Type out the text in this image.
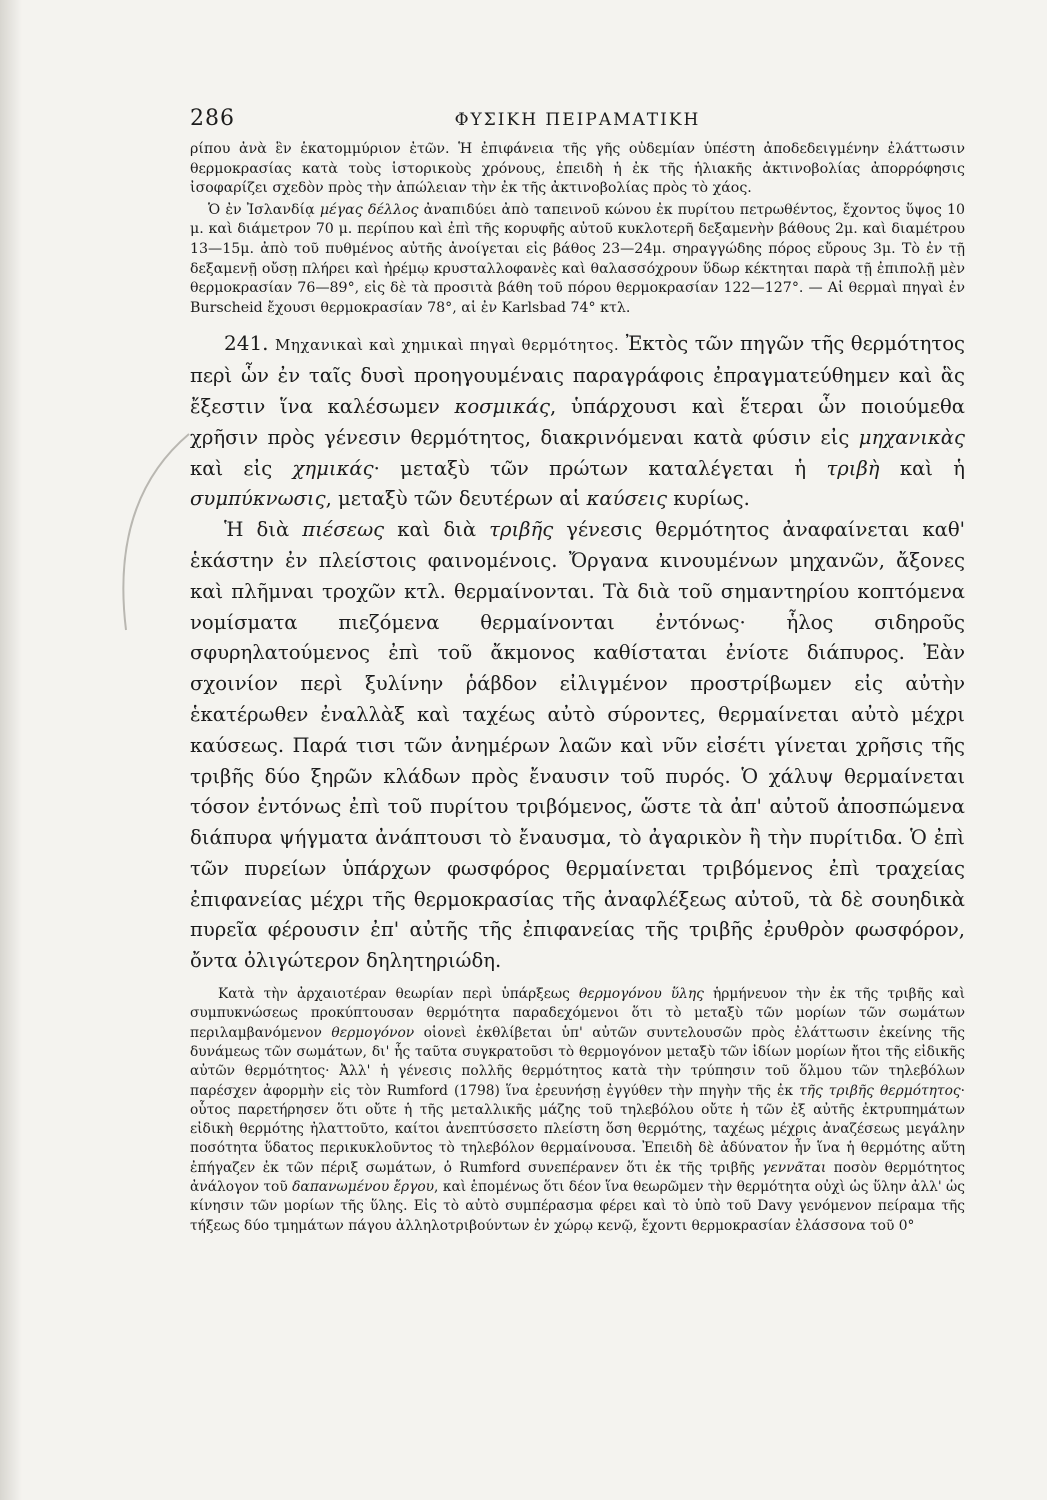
286	ΦΥΣΙΚΗ ΠΕΙΡΑΜΑΤΙΚΗ

ρίπου ἀνὰ ἓν ἑκατομμύριον ἐτῶν. Ἡ ἐπιφάνεια τῆς γῆς οὐδεμίαν ὑπέστη ἀποδεδειγμένην ἐλάττωσιν θερμοκρασίας κατὰ τοὺς ἱστορικοὺς χρόνους, ἐπειδὴ ἡ ἐκ τῆς ἡλιακῆς ἀκτινοβολίας ἀπορρόφησις ἰσοφαρίζει σχεδὸν πρὸς τὴν ἀπώλειαν τὴν ἐκ τῆς ἀκτινοβολίας πρὸς τὸ χάος.

Ὁ ἐν Ἰσλανδίᾳ μέγας δέλλος ἀναπιδύει ἀπὸ ταπεινοῦ κώνου ἐκ πυρίτου πετρωθέντος, ἔχοντος ὕψος 10 μ. καὶ διάμετρον 70 μ. περίπου καὶ ἐπὶ τῆς κορυφῆς αὐτοῦ κυκλοτερῆ δεξαμενὴν βάθους 2μ. καὶ διαμέτρου 13—15μ. ἀπὸ τοῦ πυθμένος αὐτῆς ἀνοίγεται εἰς βάθος 23—24μ. σηραγγώδης πόρος εὔρους 3μ. Τὸ ἐν τῇ δεξαμενῇ οὔσῃ πλήρει καὶ ἠρέμῳ κρυσταλλοφανὲς καὶ θαλασσόχρουν ὕδωρ κέκτηται παρὰ τῇ ἐπιπολῇ μὲν θερμοκρασίαν 76—89°, εἰς δὲ τὰ προσιτὰ βάθη τοῦ πόρου θερμοκρασίαν 122—127°. — Αἱ θερμαὶ πηγαὶ ἐν Burscheid ἔχουσι θερμοκρασίαν 78°, αἱ ἐν Karlsbad 74° κτλ.

241. Μηχανικαὶ καὶ χημικαὶ πηγαὶ θερμότητος. Ἐκτὸς τῶν πηγῶν τῆς θερμότητος περὶ ὧν ἐν ταῖς δυσὶ προηγουμέναις παραγράφοις ἐπραγματεύθημεν καὶ ἃς ἔξεστιν ἵνα καλέσωμεν κοσμικάς, ὑπάρχουσι καὶ ἕτεραι ὧν ποιούμεθα χρῆσιν πρὸς γένεσιν θερμότητος, διακρινόμεναι κατὰ φύσιν εἰς μηχανικὰς καὶ εἰς χημικάς· μεταξὺ τῶν πρώτων καταλέγεται ἡ τριβὴ καὶ ἡ συμπύκνωσις, μεταξὺ τῶν δευτέρων αἱ καύσεις κυρίως.

Ἡ διὰ πιέσεως καὶ διὰ τριβῆς γένεσις θερμότητος ἀναφαίνεται καθ' ἑκάστην ἐν πλείστοις φαινομένοις. Ὄργανα κινουμένων μηχανῶν, ἄξονες καὶ πλῆμναι τροχῶν κτλ. θερμαίνονται. Τὰ διὰ τοῦ σημαντηρίου κοπτόμενα νομίσματα πιεζόμενα θερμαίνονται ἐντόνως· ἧλος σιδηροῦς σφυρηλατούμενος ἐπὶ τοῦ ἄκμονος καθίσταται ἐνίοτε διάπυρος. Ἐὰν σχοινίον περὶ ξυλίνην ῥάβδον εἰλιγμένον προστρίβωμεν εἰς αὐτὴν ἑκατέρωθεν ἐναλλὰξ καὶ ταχέως αὐτὸ σύροντες, θερμαίνεται αὐτὸ μέχρι καύσεως. Παρά τισι τῶν ἀνημέρων λαῶν καὶ νῦν εἰσέτι γίνεται χρῆσις τῆς τριβῆς δύο ξηρῶν κλάδων πρὸς ἔναυσιν τοῦ πυρός. Ὁ χάλυψ θερμαίνεται τόσον ἐντόνως ἐπὶ τοῦ πυρίτου τριβόμενος, ὥστε τὰ ἀπ' αὐτοῦ ἀποσπώμενα διάπυρα ψήγματα ἀνάπτουσι τὸ ἔναυσμα, τὸ ἀγαρικὸν ἢ τὴν πυρίτιδα. Ὁ ἐπὶ τῶν πυρείων ὑπάρχων φωσφόρος θερμαίνεται τριβόμενος ἐπὶ τραχείας ἐπιφανείας μέχρι τῆς θερμοκρασίας τῆς ἀναφλέξεως αὐτοῦ, τὰ δὲ σουηδικὰ πυρεῖα φέρουσιν ἐπ' αὐτῆς τῆς ἐπιφανείας τῆς τριβῆς ἐρυθρὸν φωσφόρον, ὄντα ὀλιγώτερον δηλητηριώδη.

Κατὰ τὴν ἀρχαιοτέραν θεωρίαν περὶ ὑπάρξεως θερμογόνου ὕλης ἡρμήνευον τὴν ἐκ τῆς τριβῆς καὶ συμπυκνώσεως προκύπτουσαν θερμότητα παραδεχόμενοι ὅτι τὸ μεταξὺ τῶν μορίων τῶν σωμάτων περιλαμβανόμενον θερμογόνον οἱονεὶ ἐκθλίβεται ὑπ' αὐτῶν συντελουσῶν πρὸς ἐλάττωσιν ἐκείνης τῆς δυνάμεως τῶν σωμάτων, δι' ἧς ταῦτα συγκρατοῦσι τὸ θερμογόνον μεταξὺ τῶν ἰδίων μορίων ἤτοι τῆς εἰδικῆς αὐτῶν θερμότητος· Ἀλλ' ἡ γένεσις πολλῆς θερμότητος κατὰ τὴν τρύπησιν τοῦ ὅλμου τῶν τηλεβόλων παρέσχεν ἀφορμὴν εἰς τὸν Rumford (1798) ἵνα ἐρευνήσῃ ἐγγύθεν τὴν πηγὴν τῆς ἐκ τῆς τριβῆς θερμότητος· οὗτος παρετήρησεν ὅτι οὔτε ἡ τῆς μεταλλικῆς μάζης τοῦ τηλεβόλου οὔτε ἡ τῶν ἐξ αὐτῆς ἐκτρυπημάτων εἰδικὴ θερμότης ἠλαττοῦτο, καίτοι ἀνεπτύσσετο πλείστη ὅση θερμότης, ταχέως μέχρις ἀναζέσεως μεγάλην ποσότητα ὕδατος περικυκλοῦντος τὸ τηλεβόλον θερμαίνουσα. Ἐπειδὴ δὲ ἀδύνατον ἦν ἵνα ἡ θερμότης αὕτη ἐπήγαζεν ἐκ τῶν πέριξ σωμάτων, ὁ Rumford συνεπέρανεν ὅτι ἐκ τῆς τριβῆς γεννᾶται ποσὸν θερμότητος ἀνάλογον τοῦ δαπανωμένου ἔργου, καὶ ἑπομένως ὅτι δέον ἵνα θεωρῶμεν τὴν θερμότητα οὐχὶ ὡς ὕλην ἀλλ' ὡς κίνησιν τῶν μορίων τῆς ὕλης. Εἰς τὸ αὐτὸ συμπέρασμα φέρει καὶ τὸ ὑπὸ τοῦ Davy γενόμενον πείραμα τῆς τήξεως δύο τμημάτων πάγου ἀλληλοτριβούντων ἐν χώρῳ κενῷ, ἔχοντι θερμοκρασίαν ἐλάσσονα τοῦ 0°
